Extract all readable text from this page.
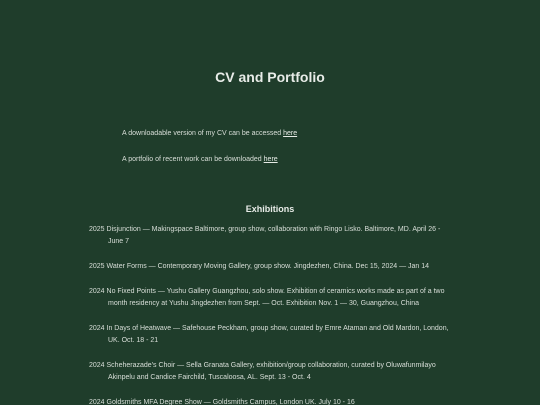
CV and Portfolio

A downloadable version of my CV can be accessed here

A portfolio of recent work can be downloaded here

Exhibitions
2025 Disjunction — Makingspace Baltimore, group show, collaboration with Ringo Lisko. Baltimore, MD. April 26 - June 7
2025 Water Forms — Contemporary Moving Gallery, group show. Jingdezhen, China. Dec 15, 2024 — Jan 14
2024 No Fixed Points — Yushu Gallery Guangzhou, solo show. Exhibition of ceramics works made as part of a two month residency at Yushu Jingdezhen from Sept. — Oct. Exhibition Nov. 1 — 30, Guangzhou, China
2024 In Days of Heatwave — Safehouse Peckham, group show, curated by Emre Ataman and Old Mardon, London, UK. Oct. 18 - 21
2024 Scheherazade's Choir — Sella Granata Gallery, exhibition/group collaboration, curated by Oluwafunmilayo Akinpelu and Candice Fairchild, Tuscaloosa, AL. Sept. 13 - Oct. 4
2024 Goldsmiths MFA Degree Show — Goldsmiths Campus, London UK. July 10 - 16
